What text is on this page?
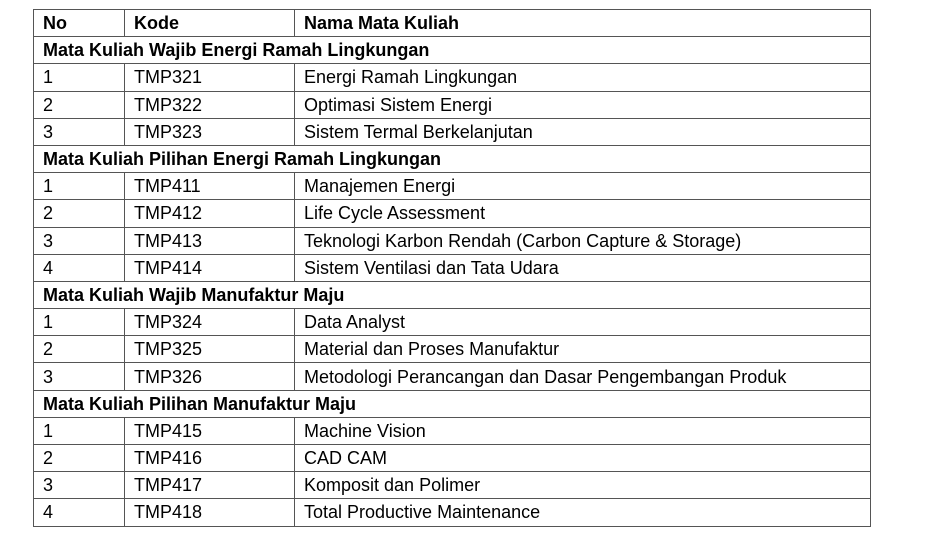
No	Kode	Nama Mata Kuliah
Mata Kuliah Wajib Energi Ramah Lingkungan		
1	TMP321	Energi Ramah Lingkungan
2	TMP322	Optimasi Sistem Energi
3	TMP323	Sistem Termal Berkelanjutan
Mata Kuliah Pilihan Energi Ramah Lingkungan		
1	TMP411	Manajemen Energi
2	TMP412	Life Cycle Assessment
3	TMP413	Teknologi Karbon Rendah (Carbon Capture & Storage)
4	TMP414	Sistem Ventilasi dan Tata Udara
Mata Kuliah Wajib Manufaktur Maju		
1	TMP324	Data Analyst
2	TMP325	Material dan Proses Manufaktur
3	TMP326	Metodologi Perancangan dan Dasar Pengembangan Produk
Mata Kuliah Pilihan Manufaktur Maju		
1	TMP415	Machine Vision
2	TMP416	CAD CAM
3	TMP417	Komposit dan Polimer
4	TMP418	Total Productive Maintenance
